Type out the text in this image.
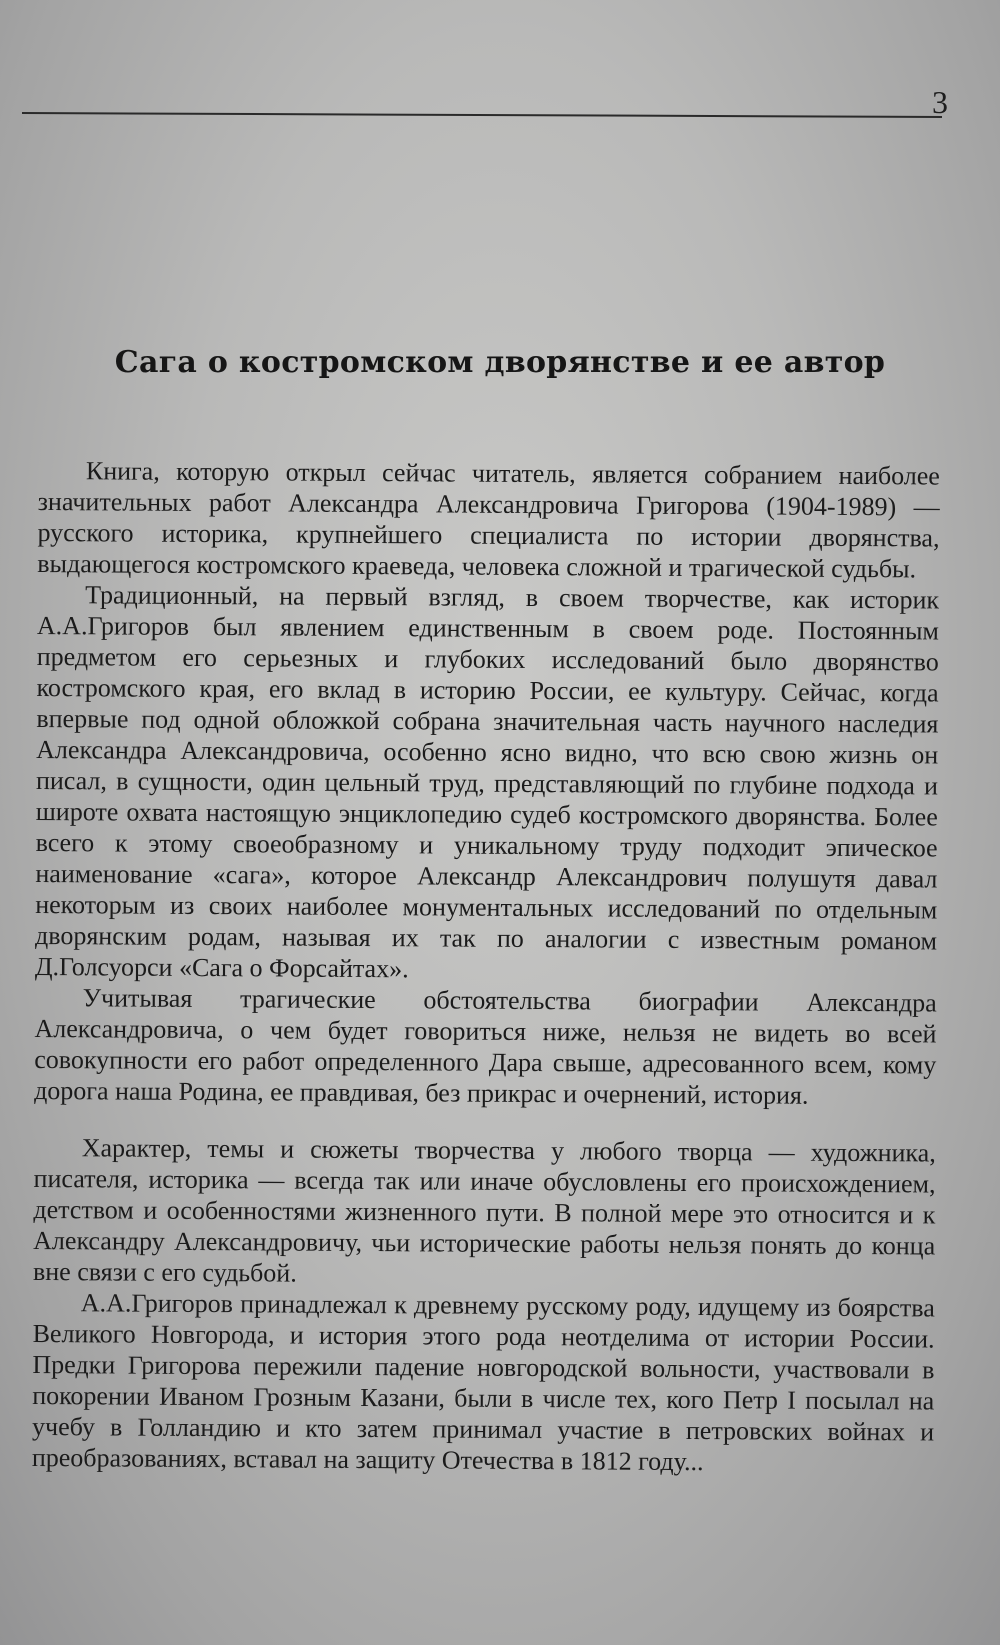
3
Сага о костромском дворянстве и ее автор

Книга, которую открыл сейчас читатель, является собранием наиболее значительных работ Александра Александровича Григорова (1904-1989) — русского историка, крупнейшего специалиста по истории дворянства, выдающегося костромского краеведа, человека сложной и трагической судьбы.

Традиционный, на первый взгляд, в своем творчестве, как историк А.А.Григоров был явлением единственным в своем роде. Постоянным предметом его серьезных и глубоких исследований было дворянство костромского края, его вклад в историю России, ее культуру. Сейчас, когда впервые под одной обложкой собрана значительная часть научного наследия Александра Александровича, особенно ясно видно, что всю свою жизнь он писал, в сущности, один цельный труд, представляющий по глубине подхода и широте охвата настоящую энциклопедию судеб костромского дворянства. Более всего к этому своеобразному и уникальному труду подходит эпическое наименование «сага», которое Александр Александрович полушутя давал некоторым из своих наиболее монументальных исследований по отдельным дворянским родам, называя их так по аналогии с известным романом Д.Голсуорси «Сага о Форсайтах».

Учитывая трагические обстоятельства биографии Александра Александровича, о чем будет говориться ниже, нельзя не видеть во всей совокупности его работ определенного Дара свыше, адресованного всем, кому дорога наша Родина, ее правдивая, без прикрас и очернений, история.

Характер, темы и сюжеты творчества у любого творца — художника, писателя, историка — всегда так или иначе обусловлены его происхождением, детством и особенностями жизненного пути. В полной мере это относится и к Александру Александровичу, чьи исторические работы нельзя понять до конца вне связи с его судьбой.

А.А.Григоров принадлежал к древнему русскому роду, идущему из боярства Великого Новгорода, и история этого рода неотделима от истории России. Предки Григорова пережили падение новгородской вольности, участвовали в покорении Иваном Грозным Казани, были в числе тех, кого Петр I посылал на учебу в Голландию и кто затем принимал участие в петровских войнах и преобразованиях, вставал на защиту Отечества в 1812 году...
